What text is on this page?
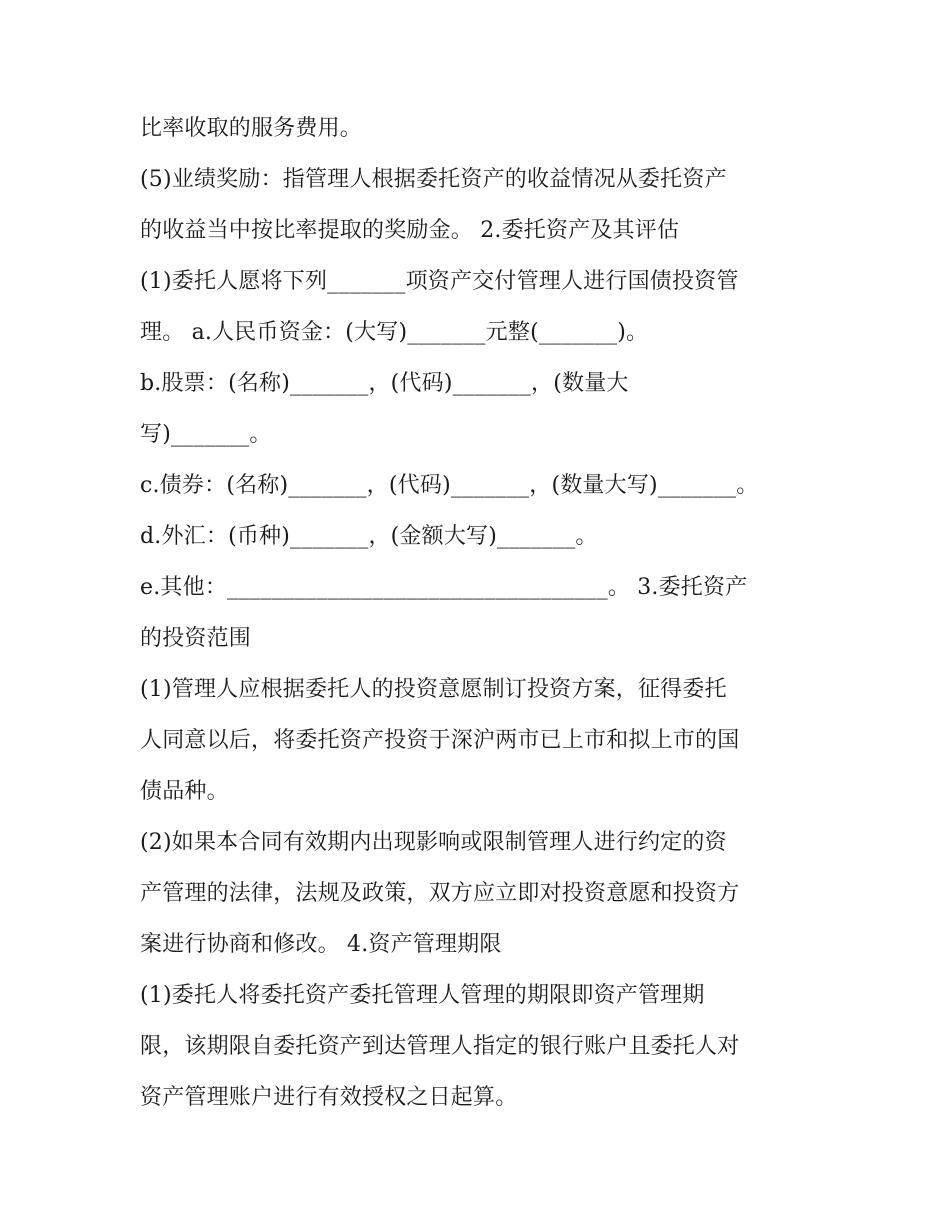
比率收取的服务费用。
(5)业绩奖励：指管理人根据委托资产的收益情况从委托资产
的收益当中按比率提取的奖励金。 2.委托资产及其评估
(1)委托人愿将下列_______项资产交付管理人进行国债投资管
理。 a.人民币资金：(大写)_______元整(_______)。
b.股票：(名称)_______，(代码)_______，(数量大
写)_______。
c.债券：(名称)_______，(代码)_______，(数量大写)_______。
d.外汇：(币种)_______，(金额大写)_______。
e.其他：__________________________________。 3.委托资产
的投资范围
(1)管理人应根据委托人的投资意愿制订投资方案，征得委托
人同意以后，将委托资产投资于深沪两市已上市和拟上市的国
债品种。
(2)如果本合同有效期内出现影响或限制管理人进行约定的资
产管理的法律，法规及政策，双方应立即对投资意愿和投资方
案进行协商和修改。 4.资产管理期限
(1)委托人将委托资产委托管理人管理的期限即资产管理期
限，该期限自委托资产到达管理人指定的银行账户且委托人对
资产管理账户进行有效授权之日起算。
